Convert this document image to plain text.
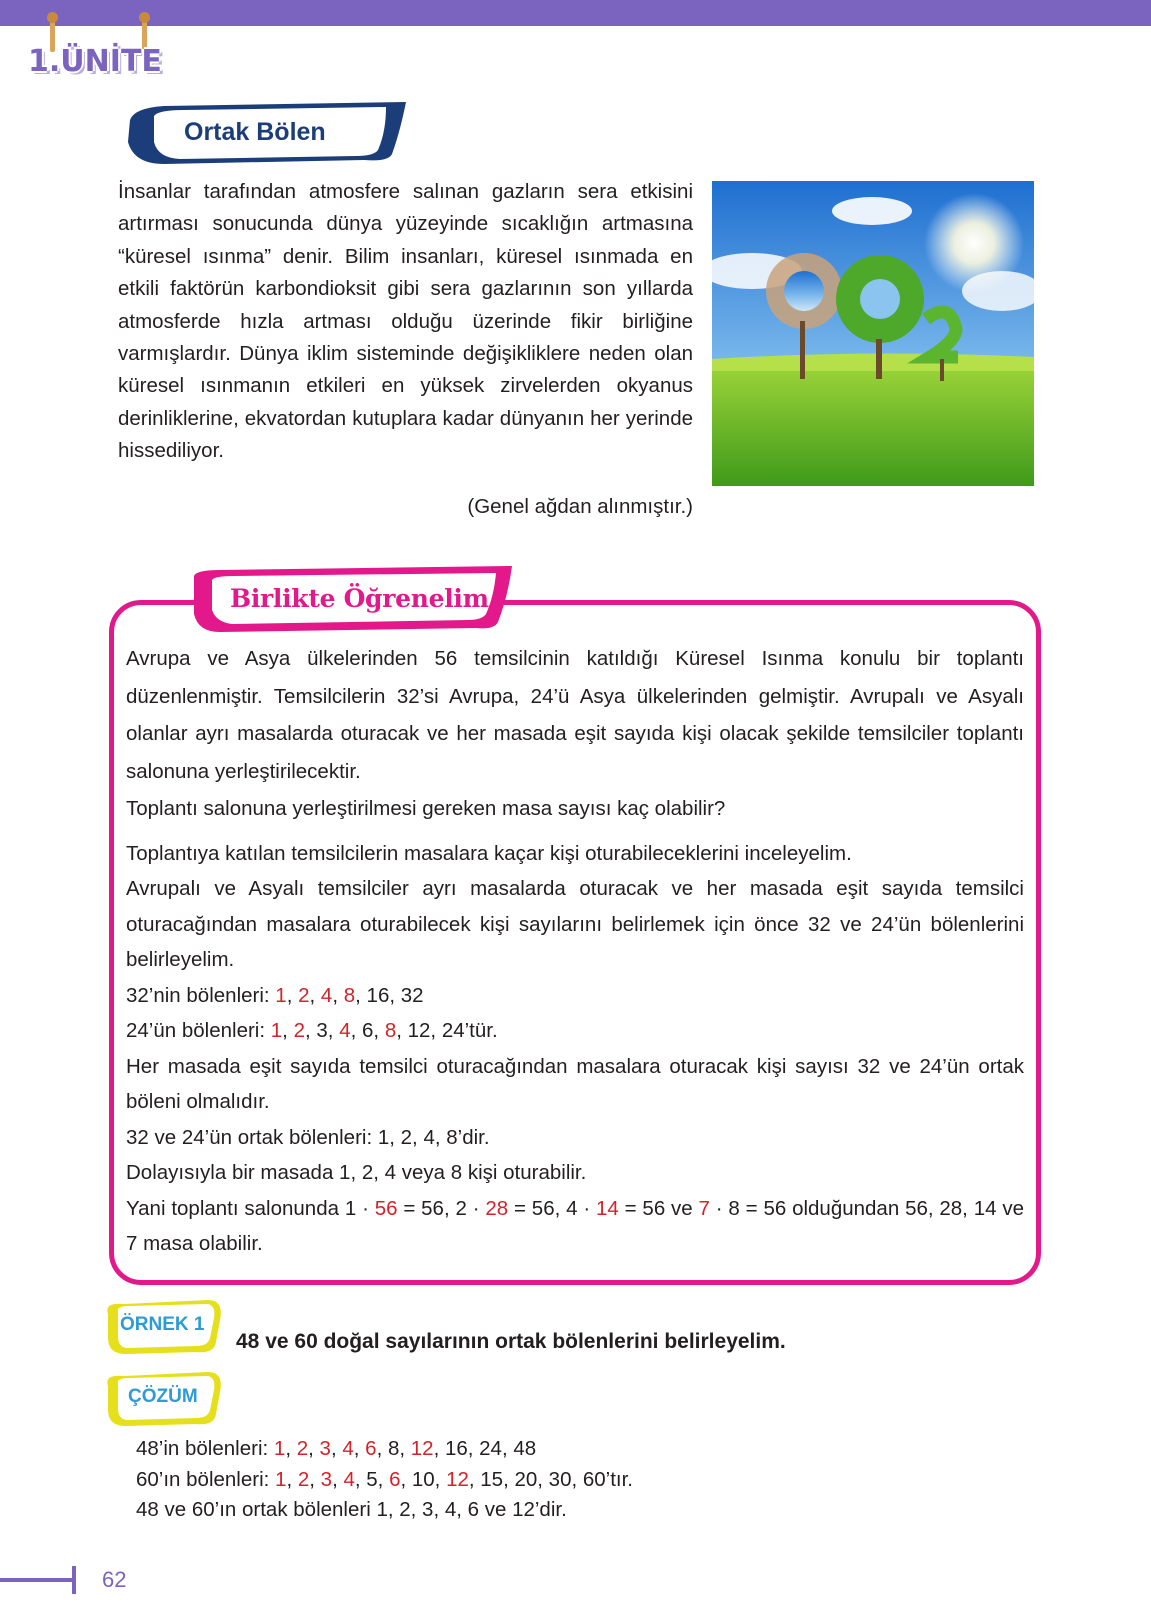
1. Ü N İ T E
Ortak Bölen

İnsanlar tarafından atmosfere salınan gazların sera etkisini artırması sonucunda dünya yüzeyinde sıcaklığın artmasına “küresel ısınma” denir. Bilim insanları, küresel ısınmada en etkili faktörün karbondioksit gibi sera gazlarının son yıllarda atmosferde hızla artması olduğu üzerinde fikir birliğine varmışlardır. Dünya iklim sisteminde değişikliklere neden olan küresel ısınmanın etkileri en yüksek zirvelerden okyanus derinliklerine, ekvatordan kutuplara kadar dünyanın her yerinde hissediliyor.

(Genel ağdan alınmıştır.)
Birlikte Öğrenelim

Avrupa ve Asya ülkelerinden 56 temsilcinin katıldığı Küresel Isınma konulu bir toplantı düzenlenmiştir. Temsilcilerin 32’si Avrupa, 24’ü Asya ülkelerinden gelmiştir. Avrupalı ve Asyalı olanlar ayrı masalarda oturacak ve her masada eşit sayıda kişi olacak şekilde temsilciler toplantı salonuna yerleştirilecektir.

Toplantı salonuna yerleştirilmesi gereken masa sayısı kaç olabilir?

Toplantıya katılan temsilcilerin masalara kaçar kişi oturabileceklerini inceleyelim.

Avrupalı ve Asyalı temsilciler ayrı masalarda oturacak ve her masada eşit sayıda temsilci oturacağından masalara oturabilecek kişi sayılarını belirlemek için önce 32 ve 24’ün bölenlerini belirleyelim.

32’nin bölenleri: 1, 2, 4, 8, 16, 32

24’ün bölenleri: 1, 2, 3, 4, 6, 8, 12, 24’tür.

Her masada eşit sayıda temsilci oturacağından masalara oturacak kişi sayısı 32 ve 24’ün ortak böleni olmalıdır.

32 ve 24’ün ortak bölenleri: 1, 2, 4, 8’dir.

Dolayısıyla bir masada 1, 2, 4 veya 8 kişi oturabilir.

Yani toplantı salonunda 1 · 56 = 56, 2 · 28 = 56, 4 · 14 = 56 ve 7 · 8 = 56 olduğundan 56, 28, 14 ve 7 masa olabilir.

ÖRNEK 1
48 ve 60 doğal sayılarının ortak bölenlerini belirleyelim.
ÇÖZÜM

48’in bölenleri: 1, 2, 3, 4, 6, 8, 12, 16, 24, 48

60’ın bölenleri: 1, 2, 3, 4, 5, 6, 10, 12, 15, 20, 30, 60’tır.

48 ve 60’ın ortak bölenleri 1, 2, 3, 4, 6 ve 12’dir.

62
